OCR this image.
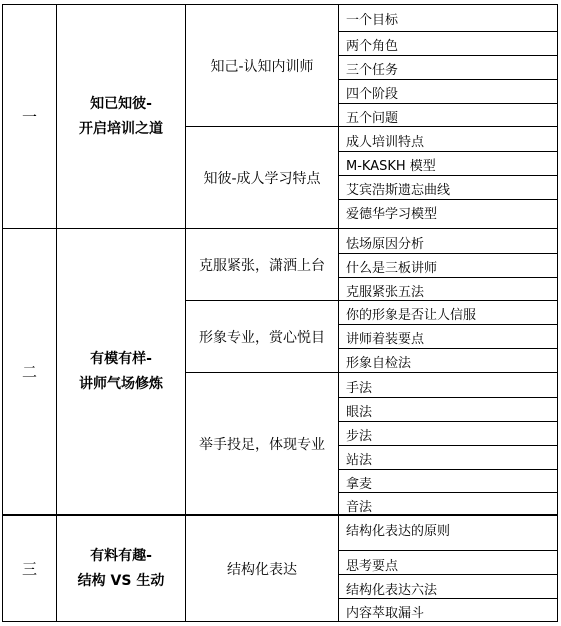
一
知已知彼-
开启培训之道
知己-认知内训师
知彼-成人学习特点
一个目标
两个角色
三个任务
四个阶段
五个问题
成人培训特点
M-KASKH 模型
艾宾浩斯遗忘曲线
爱德华学习模型
二
有模有样-
讲师气场修炼
克服紧张，潇洒上台
形象专业，赏心悦目
举手投足，体现专业
怯场原因分析
什么是三板讲师
克服紧张五法
你的形象是否让人信服
讲师着装要点
形象自检法
手法
眼法
步法
站法
拿麦
音法
三
有料有趣-
结构 VS 生动
结构化表达
结构化表达的原则
思考要点
结构化表达六法
内容萃取漏斗
